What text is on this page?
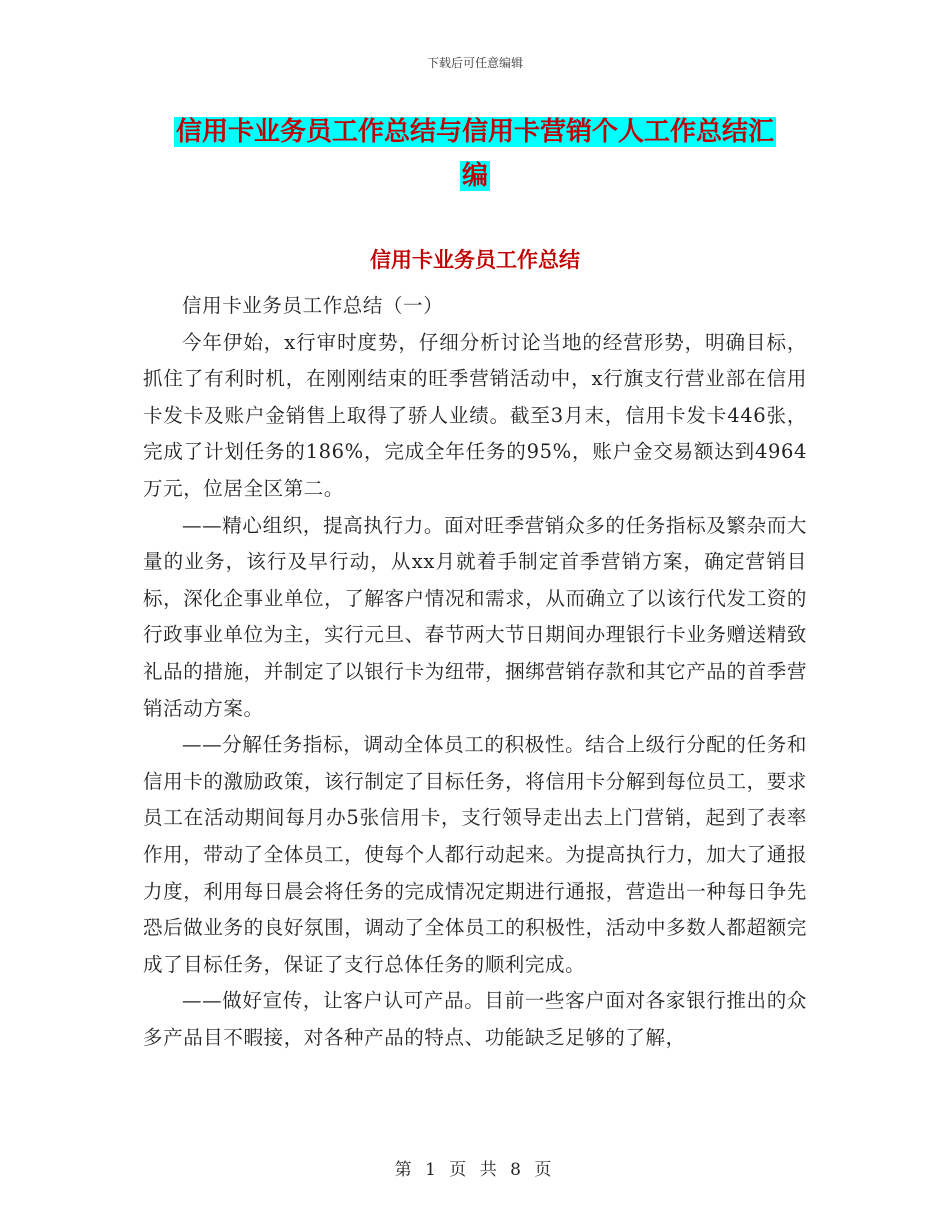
下载后可任意编辑
信用卡业务员工作总结与信用卡营销个人工作总结汇
编
信用卡业务员工作总结

信用卡业务员工作总结（一）

今年伊始，x行审时度势，仔细分析讨论当地的经营形势，明确目标，抓住了有利时机，在刚刚结束的旺季营销活动中，x行旗支行营业部在信用卡发卡及账户金销售上取得了骄人业绩。截至3月末，信用卡发卡446张，完成了计划任务的186%，完成全年任务的95%，账户金交易额达到4964万元，位居全区第二。

——精心组织，提高执行力。面对旺季营销众多的任务指标及繁杂而大量的业务，该行及早行动，从xx月就着手制定首季营销方案，确定营销目标，深化企事业单位，了解客户情况和需求，从而确立了以该行代发工资的行政事业单位为主，实行元旦、春节两大节日期间办理银行卡业务赠送精致礼品的措施，并制定了以银行卡为纽带，捆绑营销存款和其它产品的首季营销活动方案。

——分解任务指标，调动全体员工的积极性。结合上级行分配的任务和信用卡的激励政策，该行制定了目标任务，将信用卡分解到每位员工，要求员工在活动期间每月办5张信用卡，支行领导走出去上门营销，起到了表率作用，带动了全体员工，使每个人都行动起来。为提高执行力，加大了通报力度，利用每日晨会将任务的完成情况定期进行通报，营造出一种每日争先恐后做业务的良好氛围，调动了全体员工的积极性，活动中多数人都超额完成了目标任务，保证了支行总体任务的顺利完成。

——做好宣传，让客户认可产品。目前一些客户面对各家银行推出的众多产品目不暇接，对各种产品的特点、功能缺乏足够的了解，

第 1 页 共 8 页
